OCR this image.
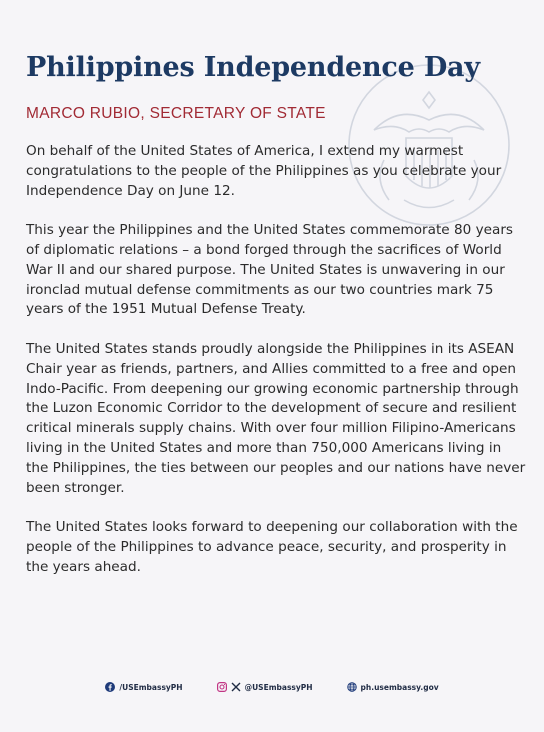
Philippines Independence Day
MARCO RUBIO, SECRETARY OF STATE

On behalf of the United States of America, I extend my warmest congratulations to the people of the Philippines as you celebrate your Independence Day on June 12.

This year the Philippines and the United States commemorate 80 years of diplomatic relations – a bond forged through the sacrifices of World War II and our shared purpose. The United States is unwavering in our ironclad mutual defense commitments as our two countries mark 75 years of the 1951 Mutual Defense Treaty.

The United States stands proudly alongside the Philippines in its ASEAN Chair year as friends, partners, and Allies committed to a free and open Indo-Pacific. From deepening our growing economic partnership through the Luzon Economic Corridor to the development of secure and resilient critical minerals supply chains. With over four million Filipino-Americans living in the United States and more than 750,000 Americans living in the Philippines, the ties between our peoples and our nations have never been stronger.

The United States looks forward to deepening our collaboration with the people of the Philippines to advance peace, security, and prosperity in the years ahead.

/USEmbassyPH	@USEmbassyPH	ph.usembassy.gov
